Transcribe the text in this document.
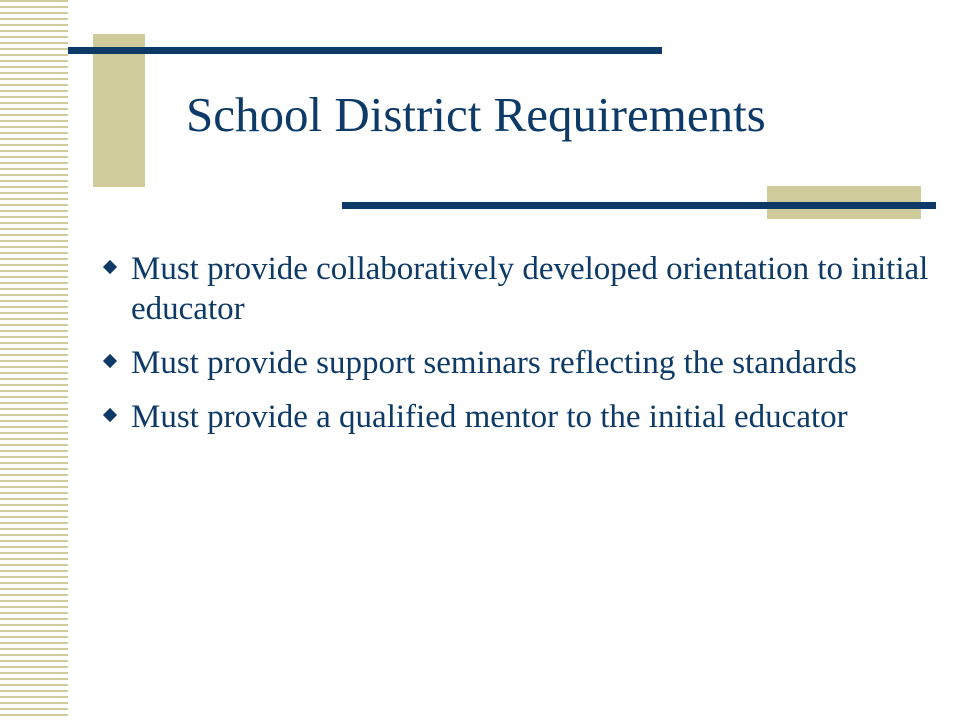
School District Requirements
Must provide collaboratively developed orientation to initial educator
Must provide support seminars reflecting the standards
Must provide a qualified mentor to the initial educator
